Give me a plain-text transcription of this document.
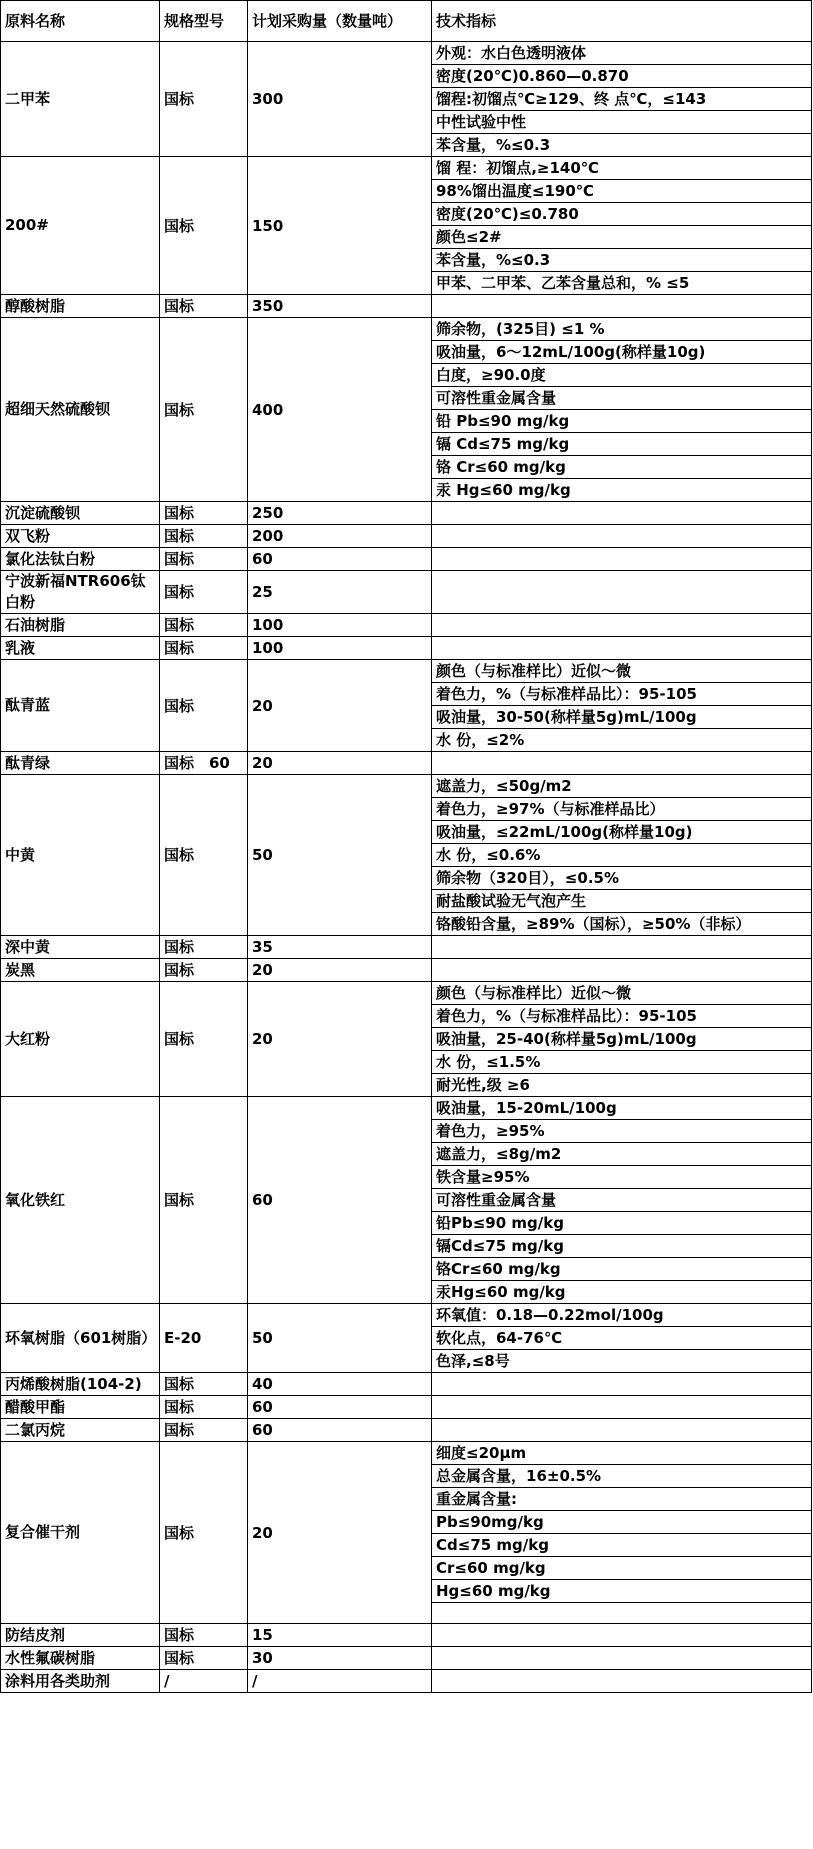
原料名称	规格型号	计划采购量（数量吨）	技术指标
二甲苯	国标	300	外观：水白色透明液体
			密度(20℃)0.860—0.870
			馏程:初馏点℃≥129、终 点℃，≤143
			中性试验中性
			苯含量，%≤0.3
200#	国标	150	馏 程：初馏点,≥140℃
			98%馏出温度≤190℃
			密度(20℃)≤0.780
			颜色≤2#
			苯含量，%≤0.3
			甲苯、二甲苯、乙苯含量总和，% ≤5
醇酸树脂	国标	350	
超细天然硫酸钡	国标	400	筛余物，(325目) ≤1 %
			吸油量，6～12mL/100g(称样量10g)
			白度，≥90.0度
			可溶性重金属含量
			铅 Pb≤90 mg/kg
			镉 Cd≤75 mg/kg
			铬 Cr≤60 mg/kg
			汞 Hg≤60 mg/kg
沉淀硫酸钡	国标	250	
双飞粉	国标	200	
氯化法钛白粉	国标	60	
宁波新福NTR606钛白粉	国标	25	
石油树脂	国标	100	
乳液	国标	100	
酞青蓝	国标	20	颜色（与标准样比）近似～微
			着色力，%（与标准样品比）：95-105
			吸油量，30-50(称样量5g)mL/100g
			水 份，≤2%
酞青绿	国标　60	20	
中黄	国标	50	遮盖力，≤50g/m2
			着色力，≥97%（与标准样品比）
			吸油量，≤22mL/100g(称样量10g)
			水 份，≤0.6%
			筛余物（320目），≤0.5%
			耐盐酸试验无气泡产生
			铬酸铅含量，≥89%（国标），≥50%（非标）
深中黄	国标	35	
炭黑	国标	20	
大红粉	国标	20	颜色（与标准样比）近似～微
			着色力，%（与标准样品比）：95-105
			吸油量，25-40(称样量5g)mL/100g
			水 份，≤1.5%
			耐光性,级 ≥6
氧化铁红	国标	60	吸油量，15-20mL/100g
			着色力，≥95%
			遮盖力，≤8g/m2
			铁含量≥95%
			可溶性重金属含量
			铅Pb≤90 mg/kg
			镉Cd≤75 mg/kg
			铬Cr≤60 mg/kg
			汞Hg≤60 mg/kg
环氧树脂（601树脂）	E-20	50	环氧值：0.18—0.22mol/100g
			软化点，64-76℃
			色泽,≤8号
丙烯酸树脂(104-2)	国标	40	
醋酸甲酯	国标	60	
二氯丙烷	国标	60	
复合催干剂	国标	20	细度≤20μm
			总金属含量，16±0.5%
			重金属含量:
			Pb≤90mg/kg
			Cd≤75 mg/kg
			Cr≤60 mg/kg
			Hg≤60 mg/kg

防结皮剂	国标	15	
水性氟碳树脂	国标	30	
涂料用各类助剂	/	/	
